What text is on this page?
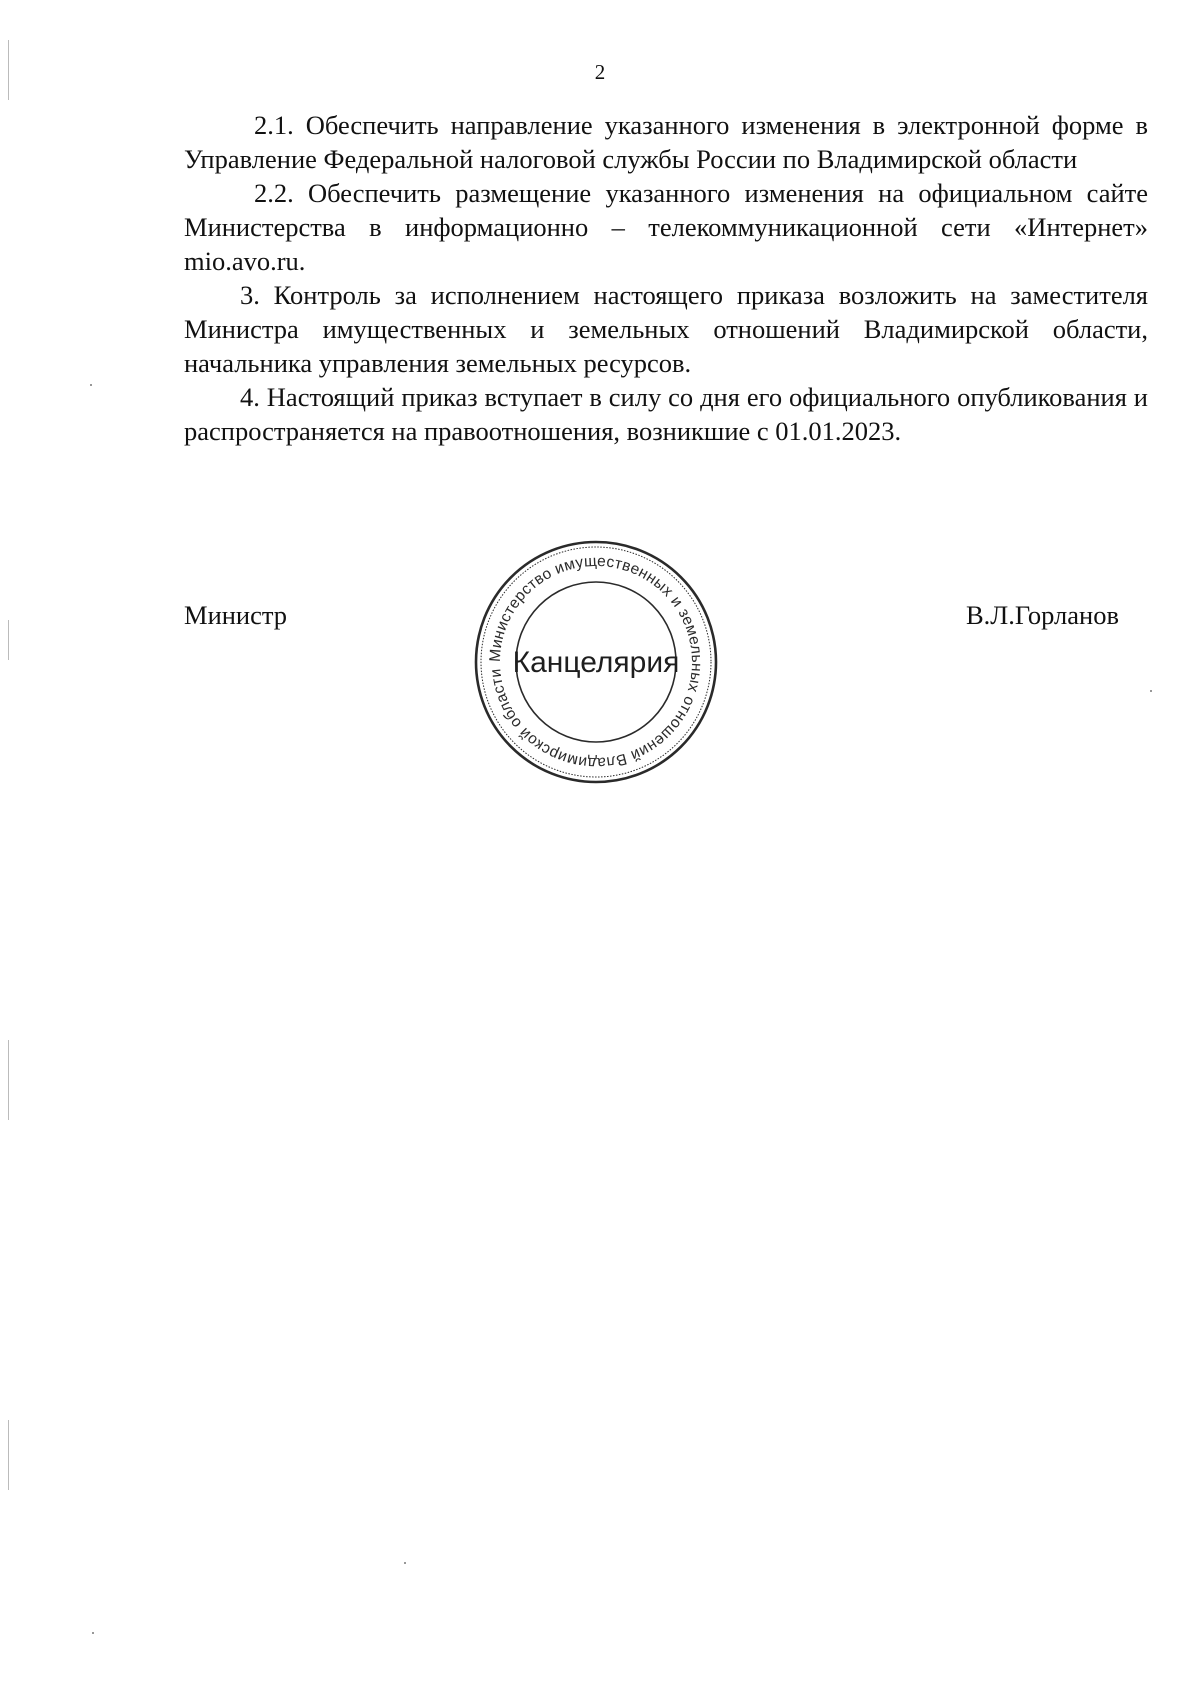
2

2.1. Обеспечить направление указанного изменения в электронной форме в Управление Федеральной налоговой службы России по Владимирской области

2.2. Обеспечить размещение указанного изменения на официальном сайте Министерства в информационно – телекоммуникационной сети «Интернет» mio.avo.ru.

3. Контроль за исполнением настоящего приказа возложить на заместителя Министра имущественных и земельных отношений Владимирской области, начальника управления земельных ресурсов.

4. Настоящий приказ вступает в силу со дня его официального опубликования и распространяется на правоотношения, возникшие с 01.01.2023.

Министр
Министерство имущественных и земельных отношений Владимирской области Канцелярия
В.Л.Горланов
